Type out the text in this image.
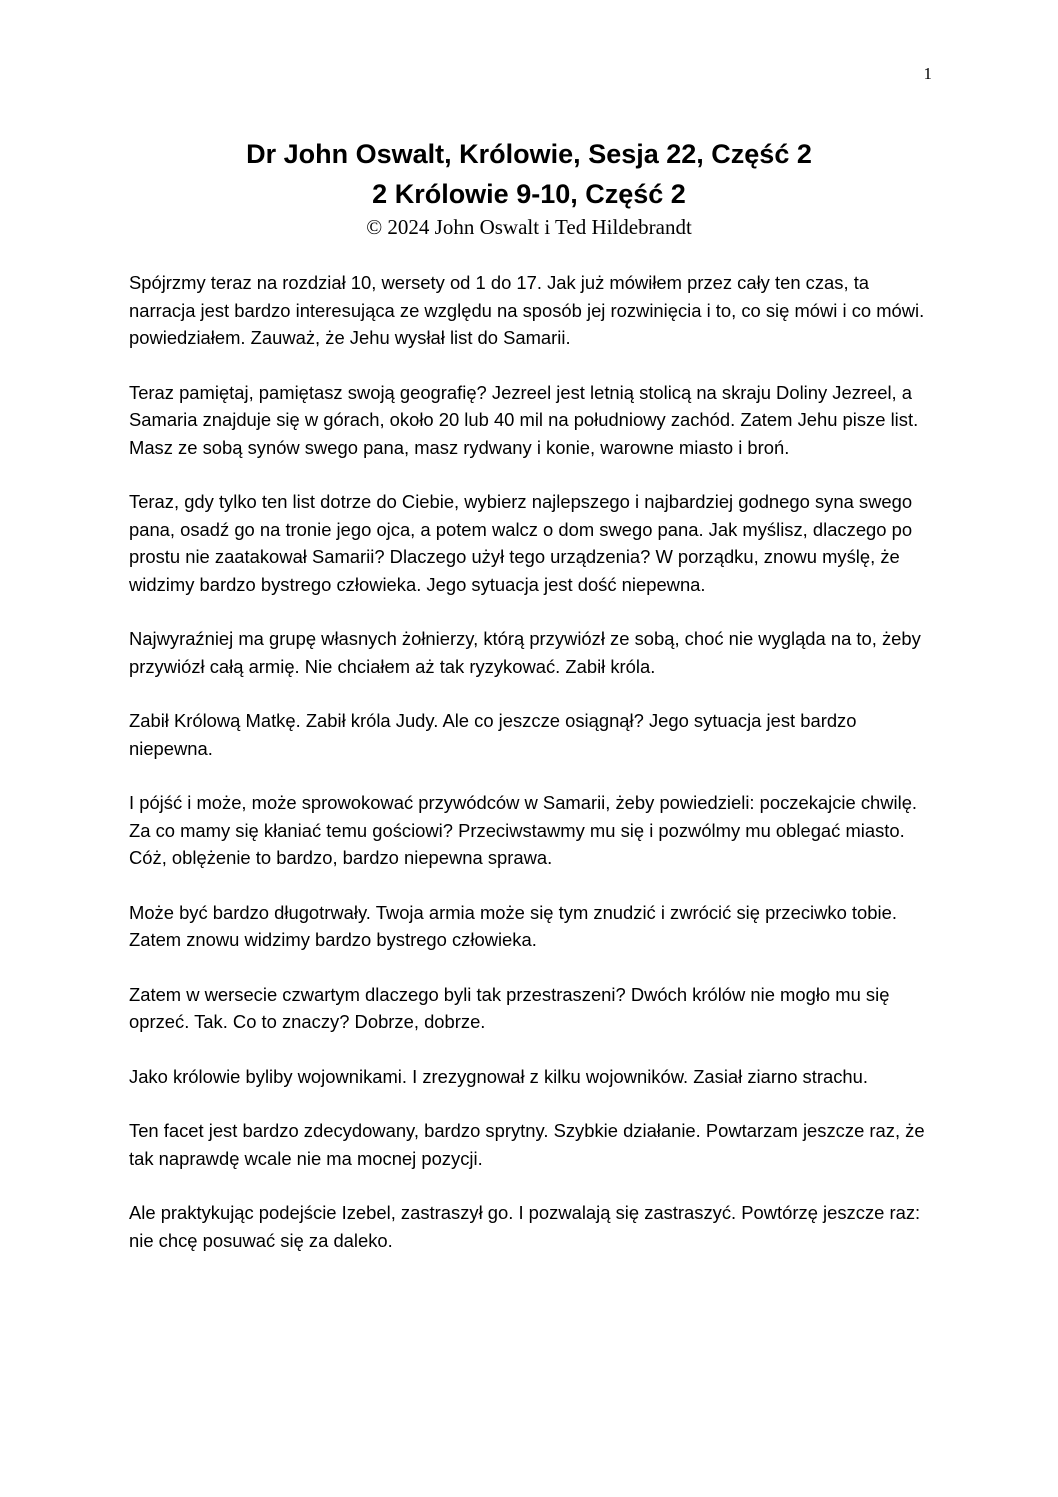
1

Dr John Oswalt, Królowie, Sesja 22, Część 2

2 Królowie 9-10, Część 2

© 2024 John Oswalt i Ted Hildebrandt

Spójrzmy teraz na rozdział 10, wersety od 1 do 17. Jak już mówiłem przez cały ten czas, ta narracja jest bardzo interesująca ze względu na sposób jej rozwinięcia i to, co się mówi i co mówi. powiedziałem. Zauważ, że Jehu wysłał list do Samarii.

Teraz pamiętaj, pamiętasz swoją geografię? Jezreel jest letnią stolicą na skraju Doliny Jezreel, a Samaria znajduje się w górach, około 20 lub 40 mil na południowy zachód. Zatem Jehu pisze list. Masz ze sobą synów swego pana, masz rydwany i konie, warowne miasto i broń.

Teraz, gdy tylko ten list dotrze do Ciebie, wybierz najlepszego i najbardziej godnego syna swego pana, osadź go na tronie jego ojca, a potem walcz o dom swego pana. Jak myślisz, dlaczego po prostu nie zaatakował Samarii? Dlaczego użył tego urządzenia? W porządku, znowu myślę, że widzimy bardzo bystrego człowieka. Jego sytuacja jest dość niepewna.

Najwyraźniej ma grupę własnych żołnierzy, którą przywiózł ze sobą, choć nie wygląda na to, żeby przywiózł całą armię. Nie chciałem aż tak ryzykować. Zabił króla.

Zabił Królową Matkę. Zabił króla Judy. Ale co jeszcze osiągnął? Jego sytuacja jest bardzo niepewna.

I pójść i może, może sprowokować przywódców w Samarii, żeby powiedzieli: poczekajcie chwilę. Za co mamy się kłaniać temu gościowi? Przeciwstawmy mu się i pozwólmy mu oblegać miasto. Cóż, oblężenie to bardzo, bardzo niepewna sprawa.

Może być bardzo długotrwały. Twoja armia może się tym znudzić i zwrócić się przeciwko tobie. Zatem znowu widzimy bardzo bystrego człowieka.

Zatem w wersecie czwartym dlaczego byli tak przestraszeni? Dwóch królów nie mogło mu się oprzeć. Tak. Co to znaczy? Dobrze, dobrze.

Jako królowie byliby wojownikami. I zrezygnował z kilku wojowników. Zasiał ziarno strachu.

Ten facet jest bardzo zdecydowany, bardzo sprytny. Szybkie działanie. Powtarzam jeszcze raz, że tak naprawdę wcale nie ma mocnej pozycji.

Ale praktykując podejście Izebel, zastraszył go. I pozwalają się zastraszyć. Powtórzę jeszcze raz: nie chcę posuwać się za daleko.
